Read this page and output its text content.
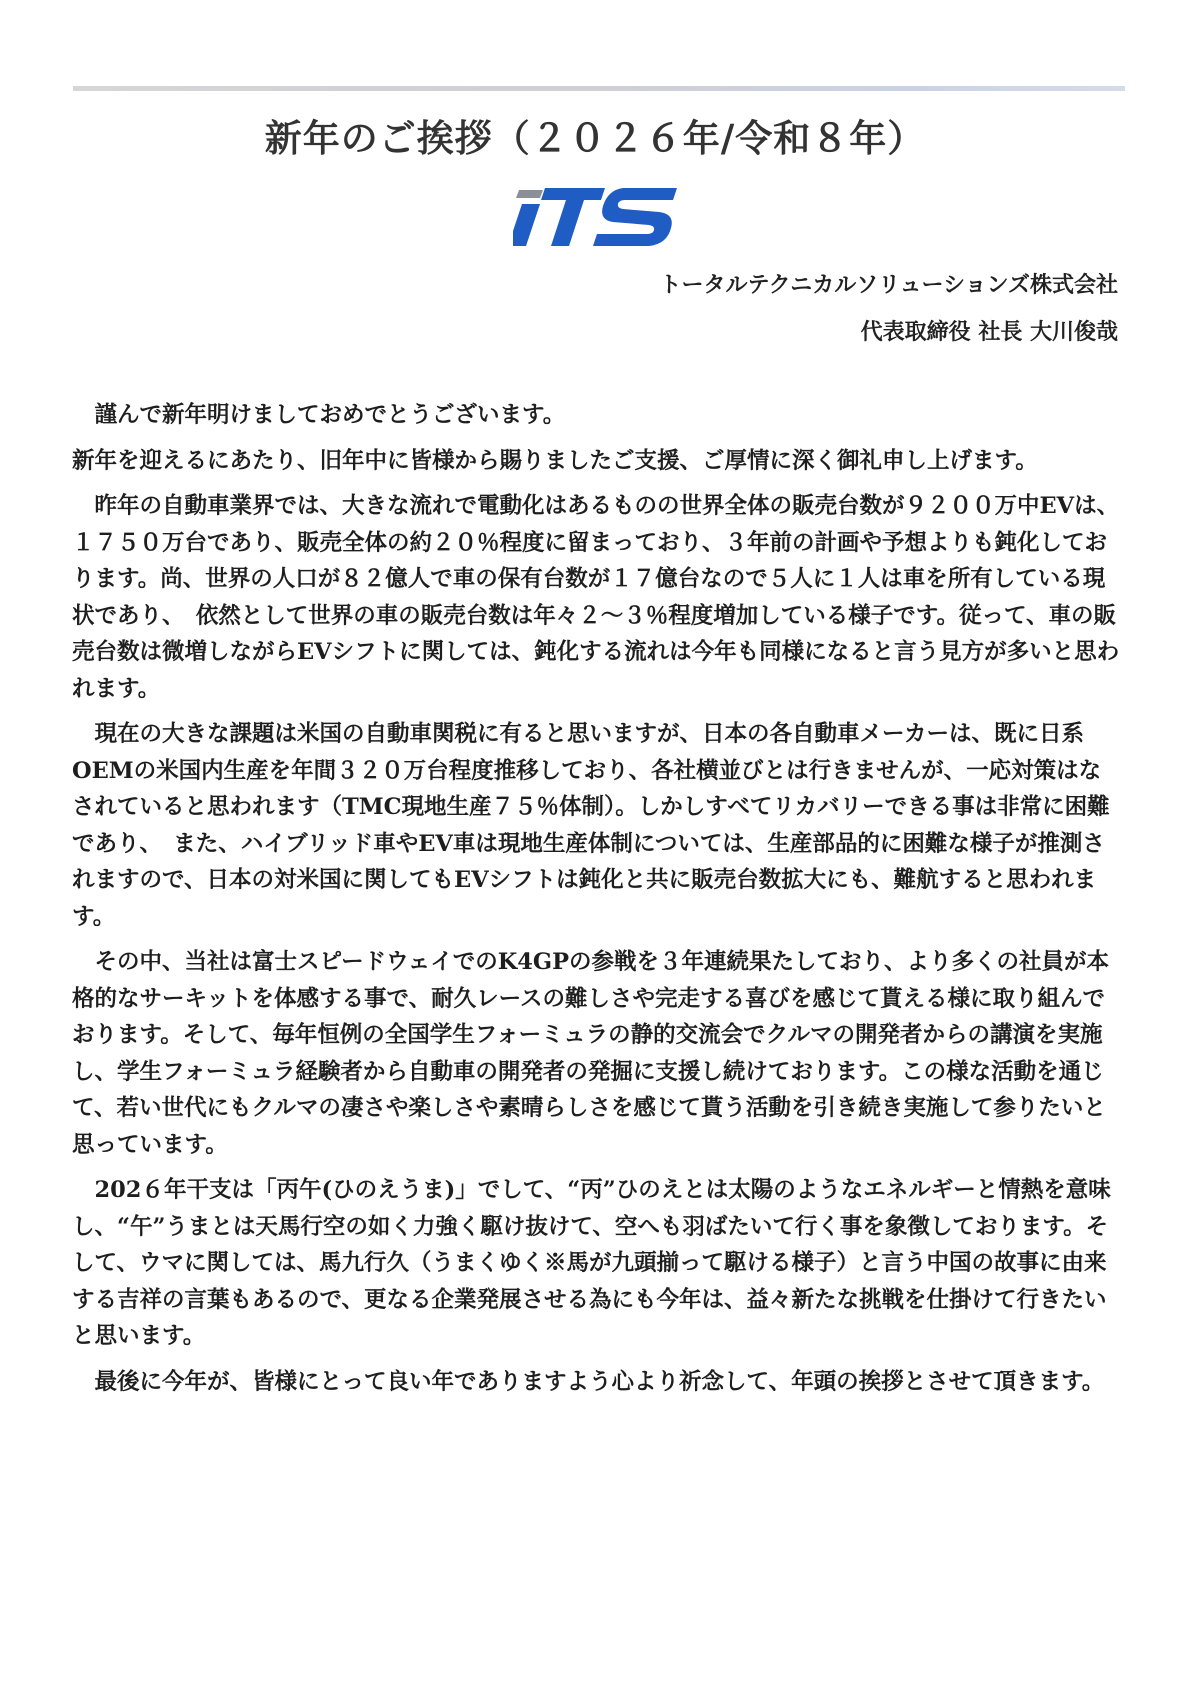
新年のご挨拶（２０２６年/令和８年）
トータルテクニカルソリューションズ株式会社
代表取締役 社長 大川俊哉

謹んで新年明けましておめでとうございます。

新年を迎えるにあたり、旧年中に皆様から賜りましたご支援、ご厚情に深く御礼申し上げます。

昨年の自動車業界では、大きな流れで電動化はあるものの世界全体の販売台数が９２００万中EVは、１７５０万台であり、販売全体の約２０％程度に留まっており、３年前の計画や予想よりも鈍化しております。尚、世界の人口が８２億人で車の保有台数が１７億台なので５人に１人は車を所有している現状であり、　依然として世界の車の販売台数は年々２～３％程度増加している様子です。従って、車の販売台数は微増しながらEVシフトに関しては、鈍化する流れは今年も同様になると言う見方が多いと思われます。

現在の大きな課題は米国の自動車関税に有ると思いますが、日本の各自動車メーカーは、既に日系OEMの米国内生産を年間３２０万台程度推移しており、各社横並びとは行きませんが、一応対策はなされていると思われます（TMC現地生産７５％体制）。しかしすべてリカバリーできる事は非常に困難であり、　また、ハイブリッド車やEV車は現地生産体制については、生産部品的に困難な様子が推測されますので、日本の対米国に関してもEVシフトは鈍化と共に販売台数拡大にも、難航すると思われます。

その中、当社は富士スピードウェイでのK4GPの参戦を３年連続果たしており、より多くの社員が本格的なサーキットを体感する事で、耐久レースの難しさや完走する喜びを感じて貰える様に取り組んでおります。そして、毎年恒例の全国学生フォーミュラの静的交流会でクルマの開発者からの講演を実施し、学生フォーミュラ経験者から自動車の開発者の発掘に支援し続けております。この様な活動を通じて、若い世代にもクルマの凄さや楽しさや素晴らしさを感じて貰う活動を引き続き実施して参りたいと思っています。

202６年干支は「丙午(ひのえうま)」でして、“丙”ひのえとは太陽のようなエネルギーと情熱を意味し、“午”うまとは天馬行空の如く力強く駆け抜けて、空へも羽ばたいて行く事を象徴しております。そして、ウマに関しては、馬九行久（うまくゆく※馬が九頭揃って駆ける様子）と言う中国の故事に由来する吉祥の言葉もあるので、更なる企業発展させる為にも今年は、益々新たな挑戦を仕掛けて行きたいと思います。

最後に今年が、皆様にとって良い年でありますよう心より祈念して、年頭の挨拶とさせて頂きます。
